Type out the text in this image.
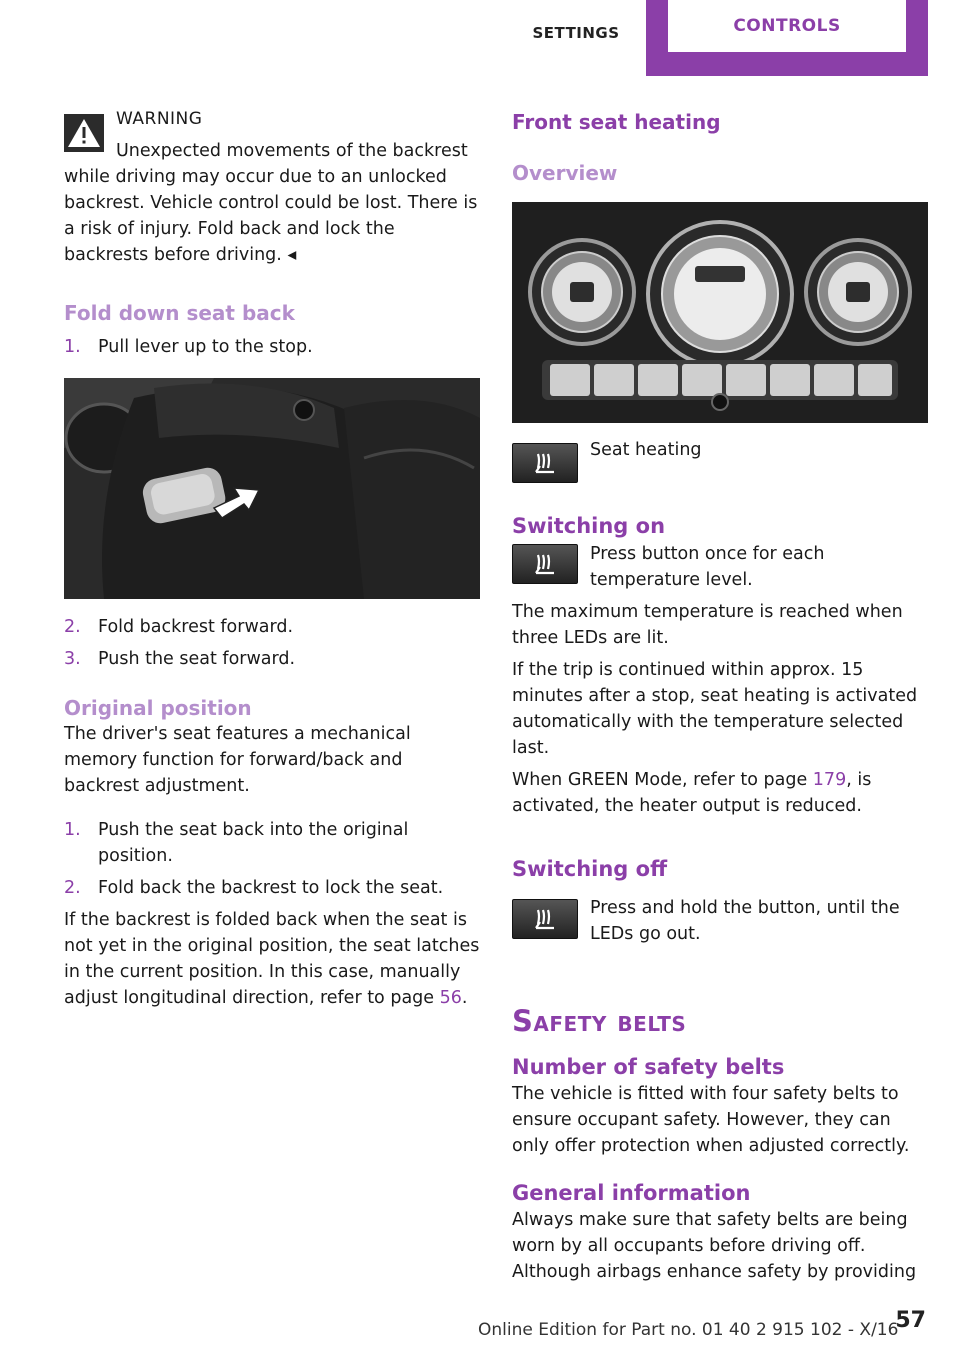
SETTINGS	CONTROLS

WARNING

Unexpected movements of the backrest

while driving may occur due to an unlocked backrest. Vehicle control could be lost. There is a risk of injury. Fold back and lock the backrests before driving. ◂

Fold down seat back
1. Pull lever up to the stop.
2. Fold backrest forward.
3. Push the seat forward.
Original position

The driver's seat features a mechanical memory function for forward/back and backrest adjustment.

1. Push the seat back into the original position.
2. Fold back the backrest to lock the seat.

If the backrest is folded back when the seat is not yet in the original position, the seat latches in the current position. In this case, manually adjust longitudinal direction, refer to page 56.

Front seat heating
Overview

Seat heating

Switching on

Press button once for each temperature level.

The maximum temperature is reached when three LEDs are lit.

If the trip is continued within approx. 15 minutes after a stop, seat heating is activated automatically with the temperature selected last.

When GREEN Mode, refer to page 179, is activated, the heater output is reduced.

Switching off

Press and hold the button, until the LEDs go out.

Safety belts
Number of safety belts

The vehicle is fitted with four safety belts to ensure occupant safety. However, they can only offer protection when adjusted correctly.

General information

Always make sure that safety belts are being worn by all occupants before driving off. Although airbags enhance safety by providing

Online Edition for Part no. 01 40 2 915 102 - X/16
57
